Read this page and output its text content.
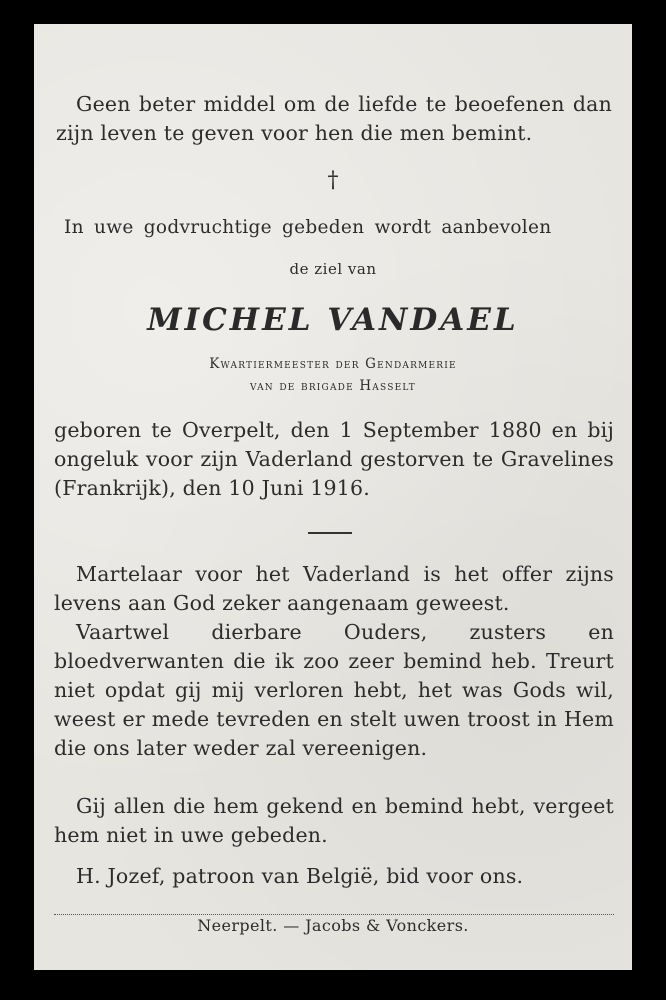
Geen beter middel om de liefde te beoefenen dan zijn leven te geven voor hen die men bemint.

†

In uwe godvruchtige gebeden wordt aanbevolen

de ziel van

MICHEL VANDAEL

Kwartiermeester der Gendarmerie

van de brigade Hasselt

geboren te Overpelt, den 1 September 1880 en bij ongeluk voor zijn Vaderland gestorven te Gravelines (Frankrijk), den 10 Juni 1916.

Martelaar voor het Vaderland is het offer zijns levens aan God zeker aangenaam geweest.

Vaartwel dierbare Ouders, zusters en bloedverwanten die ik zoo zeer bemind heb. Treurt niet opdat gij mij verloren hebt, het was Gods wil, weest er mede tevreden en stelt uwen troost in Hem die ons later weder zal vereenigen.

Gij allen die hem gekend en bemind hebt, vergeet hem niet in uwe gebeden.

H. Jozef, patroon van België, bid voor ons.

Neerpelt. — Jacobs & Vonckers.
